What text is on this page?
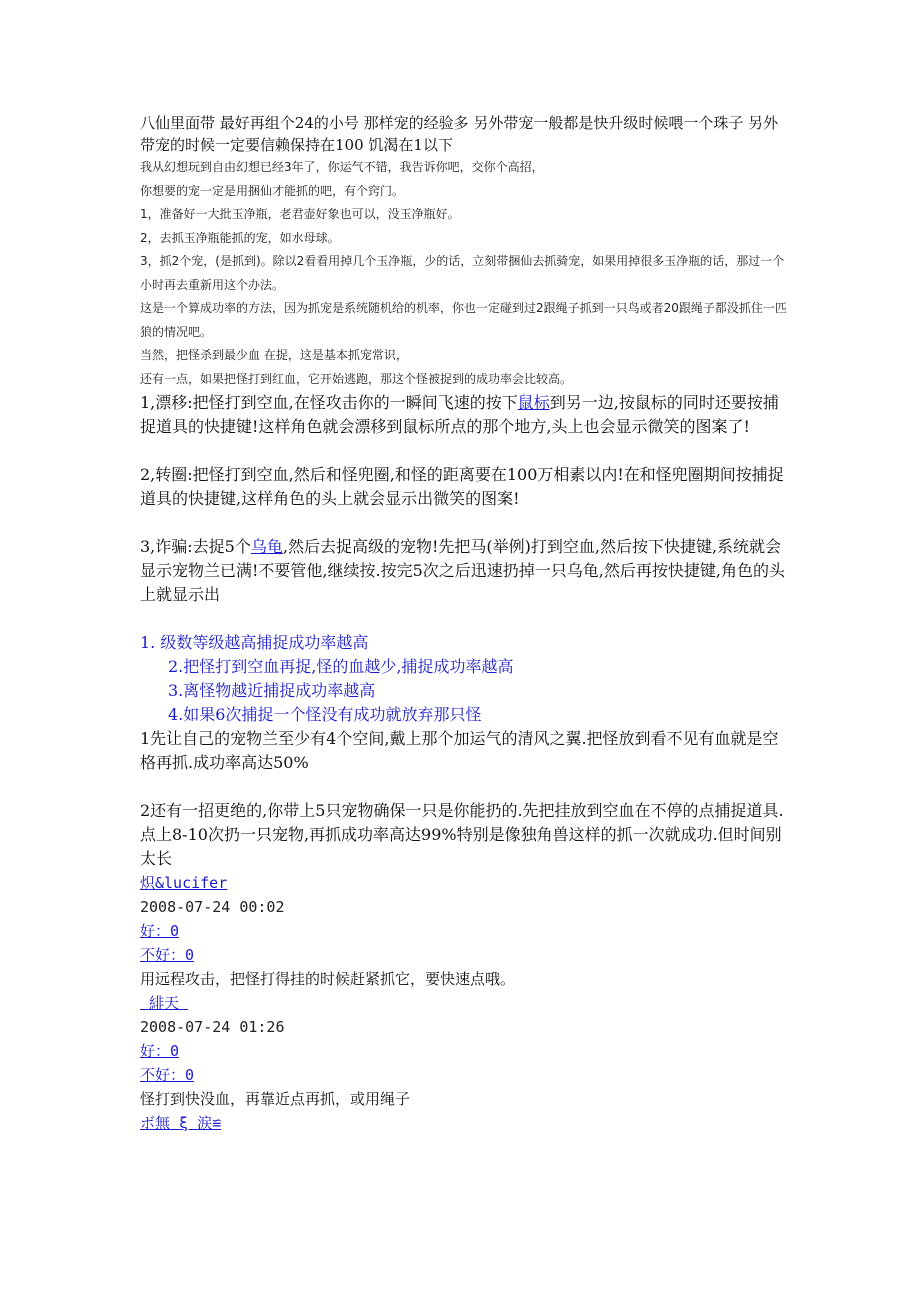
八仙里面带 最好再组个24的小号 那样宠的经验多 另外带宠一般都是快升级时候喂一个珠子 另外带宠的时候一定要信赖保持在100 饥渴在1以下

我从幻想玩到自由幻想已经3年了，你运气不错，我告诉你吧，交你个高招，

你想要的宠一定是用捆仙才能抓的吧，有个窍门。

1，准备好一大批玉净瓶，老君壶好象也可以，没玉净瓶好。

2，去抓玉净瓶能抓的宠，如水母球。

3，抓2个宠，(是抓到)。除以2看看用掉几个玉净瓶，少的话，立刻带捆仙去抓骑宠，如果用掉很多玉净瓶的话，那过一个小时再去重新用这个办法。

这是一个算成功率的方法，因为抓宠是系统随机给的机率，你也一定碰到过2跟绳子抓到一只鸟或者20跟绳子都没抓住一匹狼的情况吧。

当然，把怪杀到最少血 在捉，这是基本抓宠常识，

还有一点，如果把怪打到红血，它开始逃跑，那这个怪被捉到的成功率会比较高。

1,漂移:把怪打到空血,在怪攻击你的一瞬间飞速的按下鼠标到另一边,按鼠标的同时还要按捕捉道具的快捷键!这样角色就会漂移到鼠标所点的那个地方,头上也会显示微笑的图案了!

2,转圈:把怪打到空血,然后和怪兜圈,和怪的距离要在100万相素以内!在和怪兜圈期间按捕捉道具的快捷键,这样角色的头上就会显示出微笑的图案!

3,诈骗:去捉5个乌龟,然后去捉高级的宠物!先把马(举例)打到空血,然后按下快捷键,系统就会显示宠物兰已满!不要管他,继续按.按完5次之后迅速扔掉一只乌龟,然后再按快捷键,角色的头上就显示出

1. 级数等级越高捕捉成功率越高

2.把怪打到空血再捉,怪的血越少,捕捉成功率越高

3.离怪物越近捕捉成功率越高

4.如果6次捕捉一个怪没有成功就放弃那只怪

1先让自己的宠物兰至少有4个空间,戴上那个加运气的清风之翼.把怪放到看不见有血就是空格再抓.成功率高达50%

2还有一招更绝的,你带上5只宠物确保一只是你能扔的.先把挂放到空血在不停的点捕捉道具.点上8-10次扔一只宠物,再抓成功率高达99%特别是像独角兽这样的抓一次就成功.但时间别太长

炽&lucifer

2008-07-24 00:02

好：0

不好：0

用远程攻击，把怪打得挂的时候赶紧抓它，要快速点哦。

緋天

2008-07-24 01:26

好：0

不好：0

怪打到快没血，再靠近点再抓，或用绳子

ボ無 ξ 涙≌
